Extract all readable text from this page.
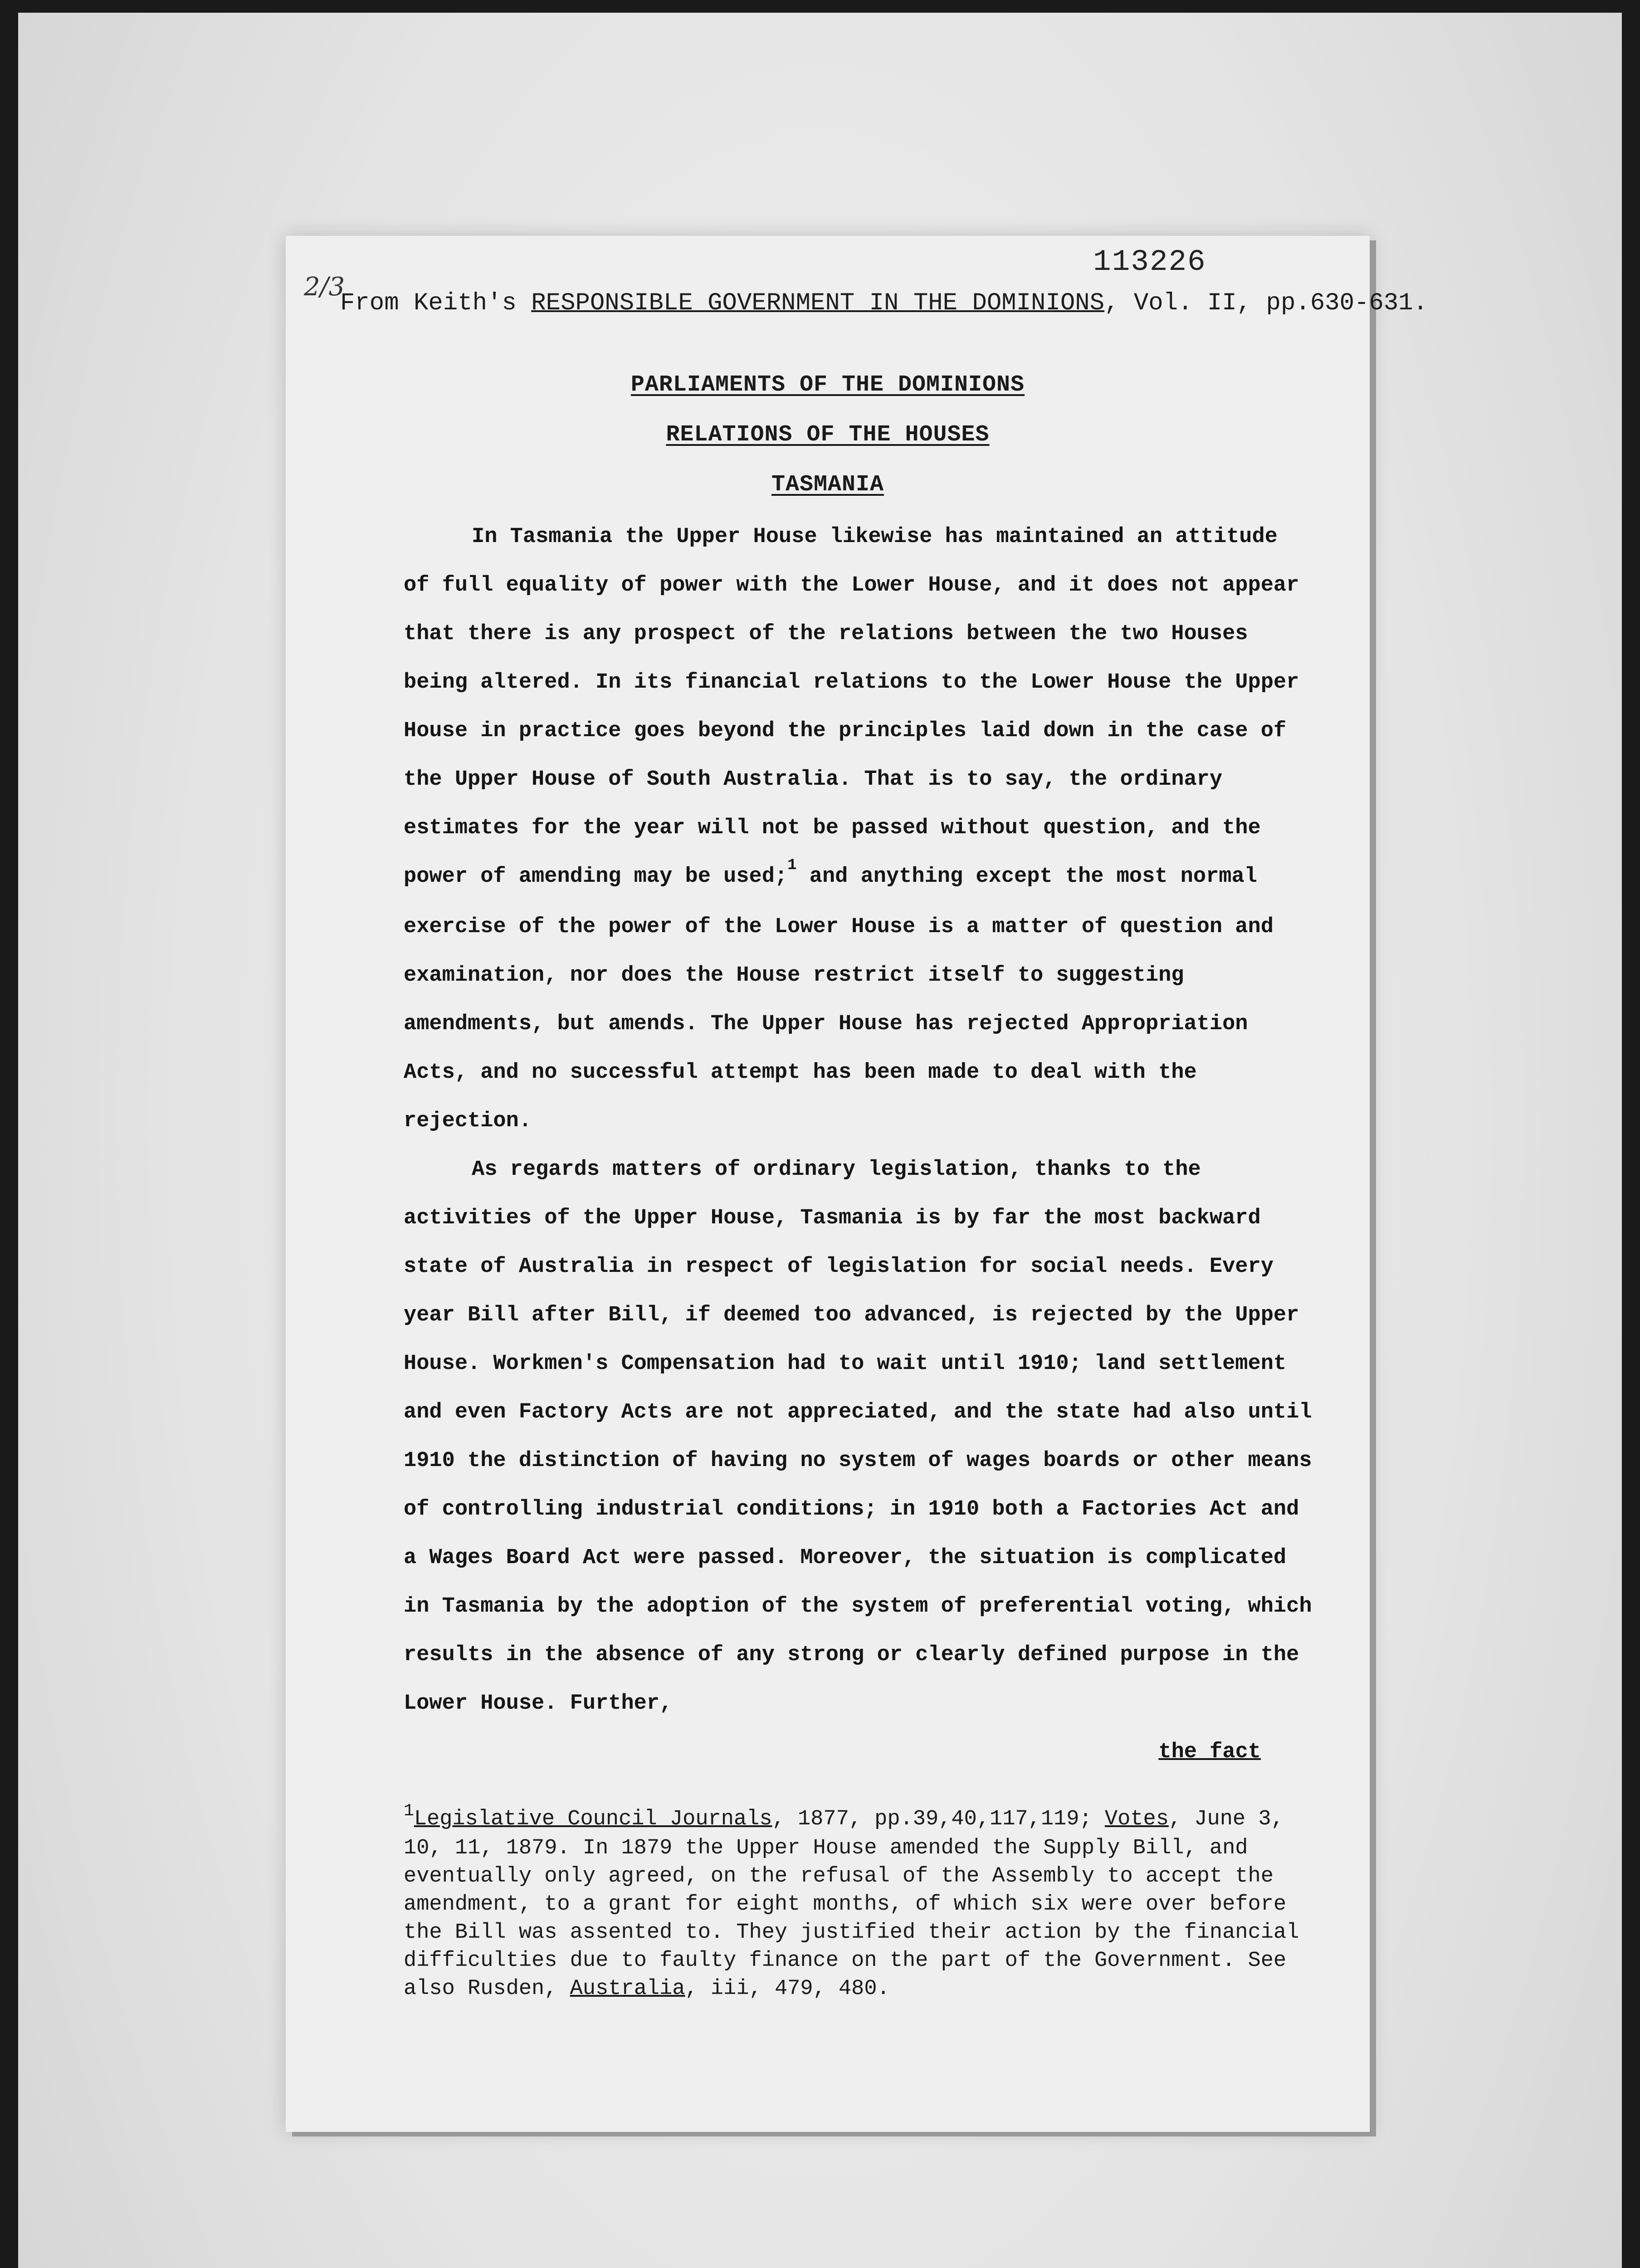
113226
2/3
From Keith's RESPONSIBLE GOVERNMENT IN THE DOMINIONS, Vol. II, pp.630-631.
PARLIAMENTS OF THE DOMINIONS
RELATIONS OF THE HOUSES
TASMANIA

In Tasmania the Upper House likewise has maintained an attitude of full equality of power with the Lower House, and it does not appear that there is any prospect of the relations between the two Houses being altered. In its financial relations to the Lower House the Upper House in practice goes beyond the principles laid down in the case of the Upper House of South Australia. That is to say, the ordinary estimates for the year will not be passed without question, and the power of amending may be used;$^1$ and anything except the most normal exercise of the power of the Lower House is a matter of question and examination, nor does the House restrict itself to suggesting amendments, but amends. The Upper House has rejected Appropriation Acts, and no successful attempt has been made to deal with the rejection.

As regards matters of ordinary legislation, thanks to the activities of the Upper House, Tasmania is by far the most backward state of Australia in respect of legislation for social needs. Every year Bill after Bill, if deemed too advanced, is rejected by the Upper House. Workmen's Compensation had to wait until 1910; land settlement and even Factory Acts are not appreciated, and the state had also until 1910 the distinction of having no system of wages boards or other means of controlling industrial conditions; in 1910 both a Factories Act and a Wages Board Act were passed. Moreover, the situation is complicated in Tasmania by the adoption of the system of preferential voting, which results in the absence of any strong or clearly defined purpose in the Lower House. Further,

the fact
$^1$Legislative Council Journals, 1877, pp.39,40,117,119; Votes, June 3, 10, 11, 1879. In 1879 the Upper House amended the Supply Bill, and eventually only agreed, on the refusal of the Assembly to accept the amendment, to a grant for eight months, of which six were over before the Bill was assented to. They justified their action by the financial difficulties due to faulty finance on the part of the Government. See also Rusden, Australia, iii, 479, 480.
